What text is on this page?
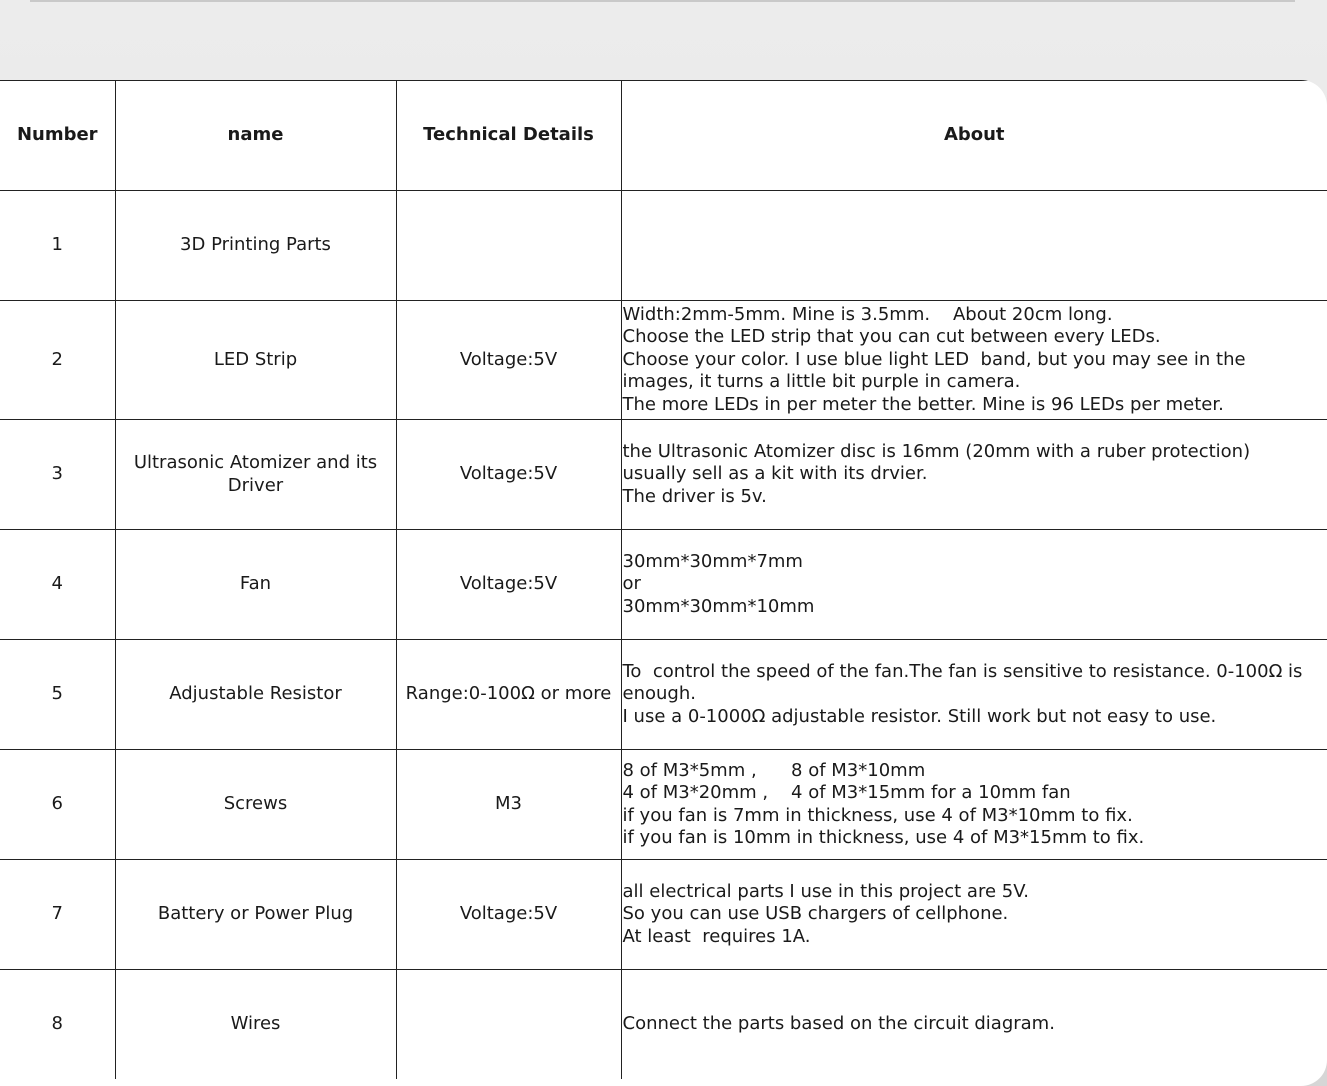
Number	name	Technical Details	About
1	3D Printing Parts		
2	LED Strip	Voltage:5V	Width:2mm-5mm. Mine is 3.5mm.    About 20cm long.
Choose the LED strip that you can cut between every LEDs.
Choose your color. I use blue light LED  band, but you may see in the images, it turns a little bit purple in camera.
The more LEDs in per meter the better. Mine is 96 LEDs per meter.

3	Ultrasonic Atomizer and its Driver	Voltage:5V	the Ultrasonic Atomizer disc is 16mm (20mm with a ruber protection)
usually sell as a kit with its drvier.
The driver is 5v.

4	Fan	Voltage:5V	30mm*30mm*7mm
or
30mm*30mm*10mm

5	Adjustable Resistor	Range:0-100Ω or more	To  control the speed of the fan.The fan is sensitive to resistance. 0-100Ω is enough.
I use a 0-1000Ω adjustable resistor. Still work but not easy to use.

6	Screws	M3	8 of M3*5mm ,      8 of M3*10mm
4 of M3*20mm ,    4 of M3*15mm for a 10mm fan
if you fan is 7mm in thickness, use 4 of M3*10mm to fix.
if you fan is 10mm in thickness, use 4 of M3*15mm to fix.

7	Battery or Power Plug	Voltage:5V	all electrical parts I use in this project are 5V.
So you can use USB chargers of cellphone.
At least  requires 1A.

8	Wires		Connect the parts based on the circuit diagram.
